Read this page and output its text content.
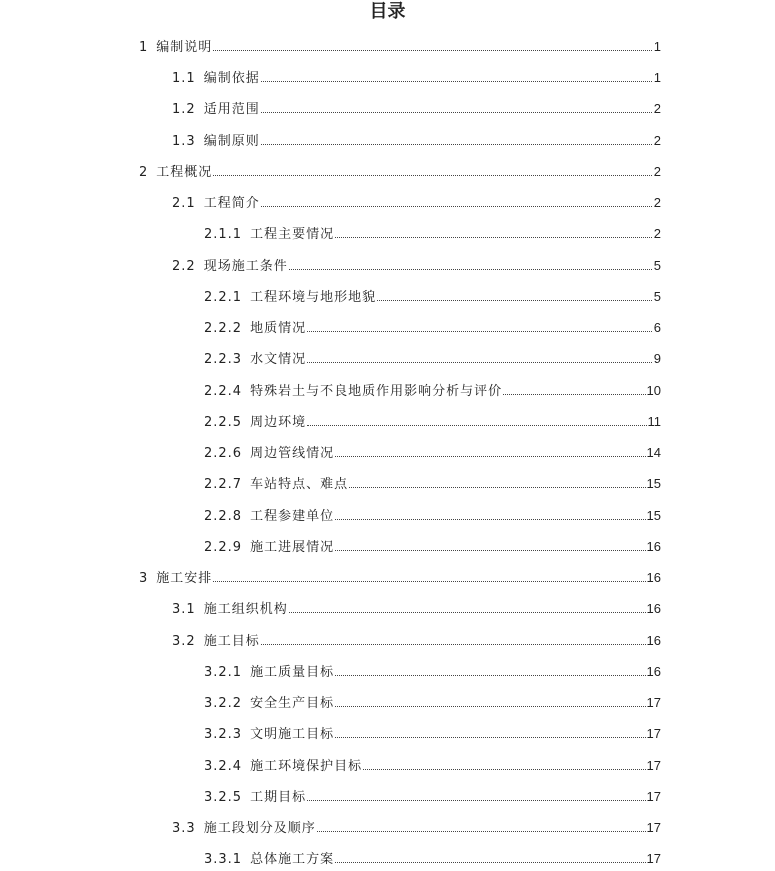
目录
1 编制说明	1
1.1 编制依据	1
1.2 适用范围	2
1.3 编制原则	2
2 工程概况	2
2.1 工程简介	2
2.1.1 工程主要情况	2
2.2 现场施工条件	5
2.2.1 工程环境与地形地貌	5
2.2.2 地质情况	6
2.2.3 水文情况	9
2.2.4 特殊岩土与不良地质作用影响分析与评价	10
2.2.5 周边环境	11
2.2.6 周边管线情况	14
2.2.7 车站特点、难点	15
2.2.8 工程参建单位	15
2.2.9 施工进展情况	16
3 施工安排	16
3.1 施工组织机构	16
3.2 施工目标	16
3.2.1 施工质量目标	16
3.2.2 安全生产目标	17
3.2.3 文明施工目标	17
3.2.4 施工环境保护目标	17
3.2.5 工期目标	17
3.3 施工段划分及顺序	17
3.3.1 总体施工方案	17
